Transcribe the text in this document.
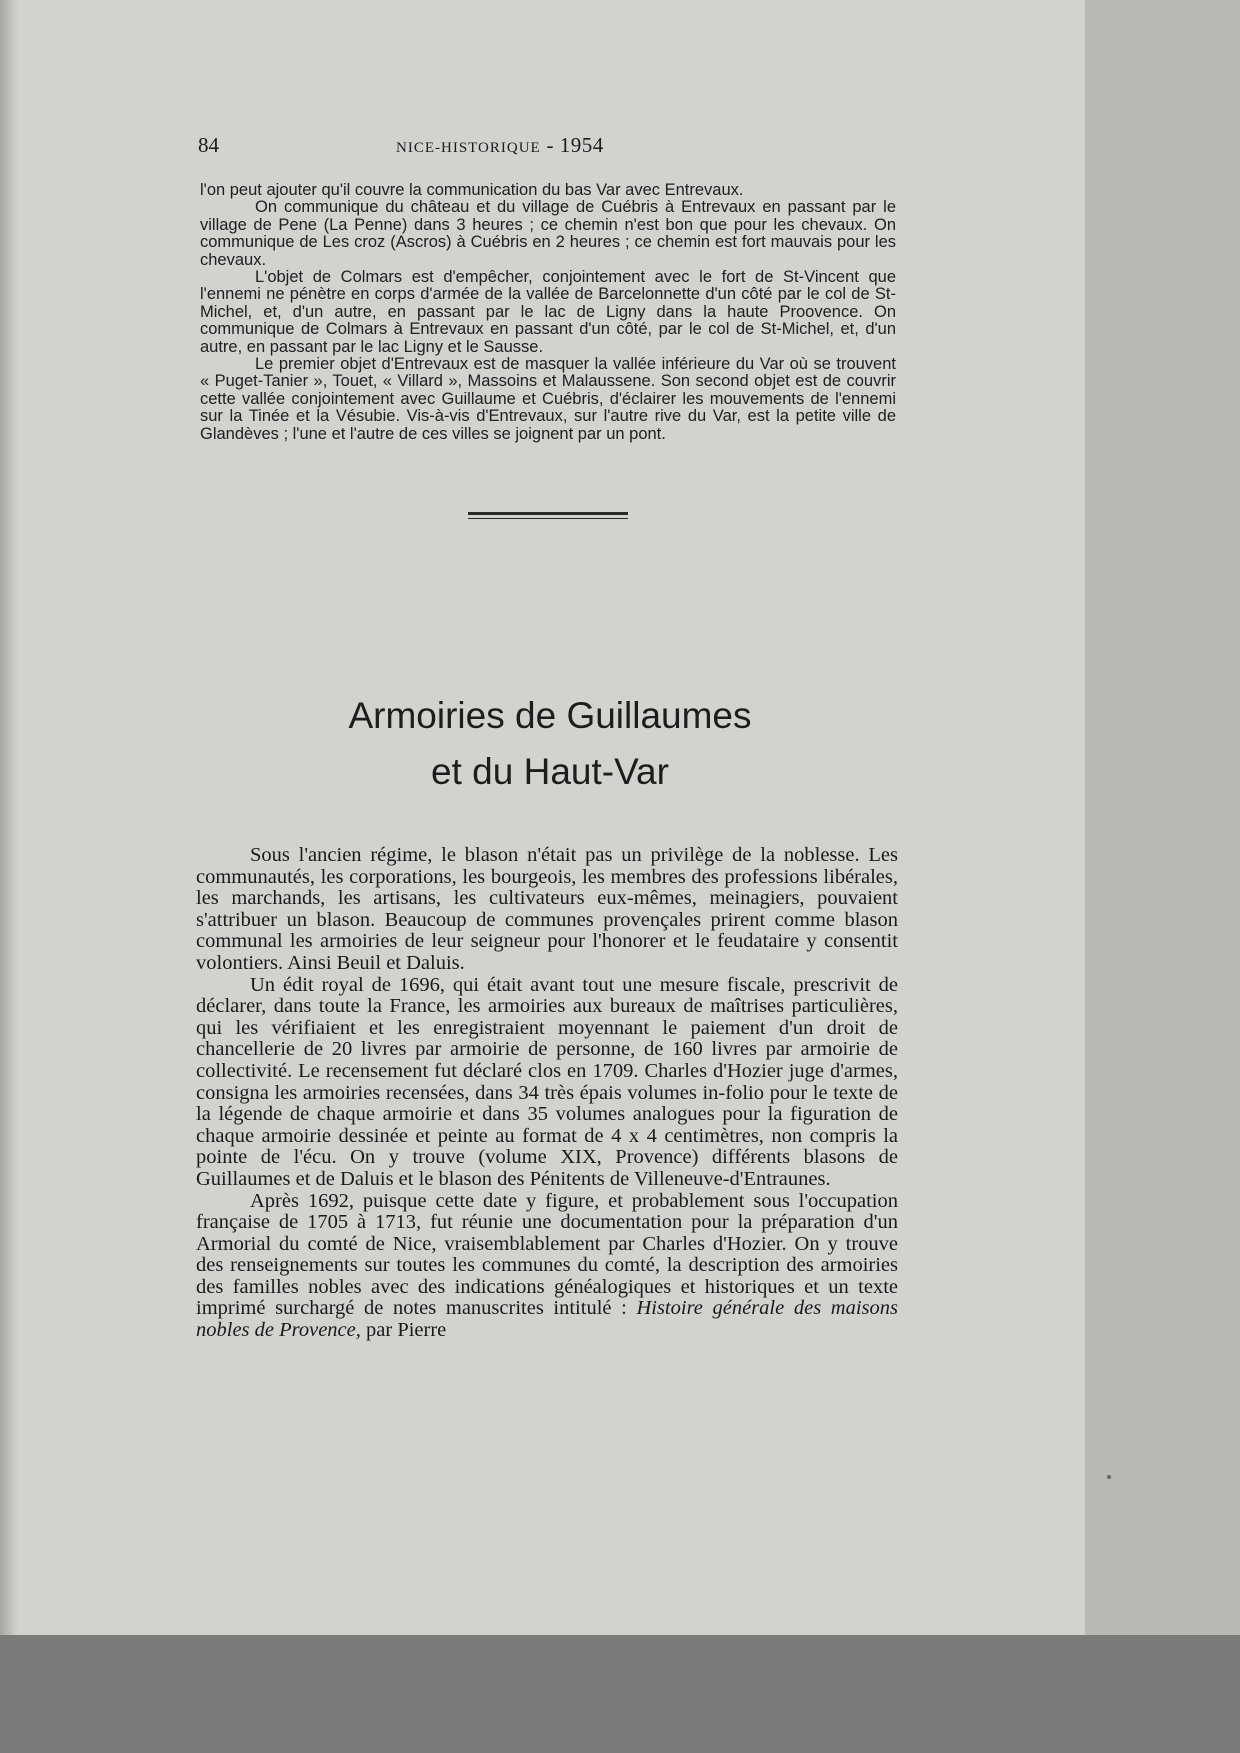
84	NICE-HISTORIQUE - 1954

l'on peut ajouter qu'il couvre la communication du bas Var avec Entrevaux.

On communique du château et du village de Cuébris à Entrevaux en passant par le village de Pene (La Penne) dans 3 heures ; ce chemin n'est bon que pour les chevaux. On communique de Les croz (Ascros) à Cuébris en 2 heures ; ce chemin est fort mauvais pour les chevaux.

L'objet de Colmars est d'empêcher, conjointement avec le fort de St-Vincent que l'ennemi ne pénètre en corps d'armée de la vallée de Barcelonnette d'un côté par le col de St-Michel, et, d'un autre, en passant par le lac de Ligny dans la haute Proovence. On communique de Colmars à Entrevaux en passant d'un côté, par le col de St-Michel, et, d'un autre, en passant par le lac Ligny et le Sausse.

Le premier objet d'Entrevaux est de masquer la vallée inférieure du Var où se trouvent « Puget-Tanier », Touet, « Villard », Massoins et Malaussene. Son second objet est de couvrir cette vallée conjointement avec Guillaume et Cuébris, d'éclairer les mouvements de l'ennemi sur la Tinée et la Vésubie. Vis-à-vis d'Entrevaux, sur l'autre rive du Var, est la petite ville de Glandèves ; l'une et l'autre de ces villes se joignent par un pont.

Armoiries de Guillaumes
et du Haut-Var

Sous l'ancien régime, le blason n'était pas un privilège de la noblesse. Les communautés, les corporations, les bourgeois, les membres des professions libérales, les marchands, les artisans, les cultivateurs eux-mêmes, meinagiers, pouvaient s'attribuer un blason. Beaucoup de communes provençales prirent comme blason communal les armoiries de leur seigneur pour l'honorer et le feudataire y consentit volontiers. Ainsi Beuil et Daluis.

Un édit royal de 1696, qui était avant tout une mesure fiscale, prescrivit de déclarer, dans toute la France, les armoiries aux bureaux de maîtrises particulières, qui les vérifiaient et les enregistraient moyennant le paiement d'un droit de chancellerie de 20 livres par armoirie de personne, de 160 livres par armoirie de collectivité. Le recensement fut déclaré clos en 1709. Charles d'Hozier juge d'armes, consigna les armoiries recensées, dans 34 très épais volumes in-folio pour le texte de la légende de chaque armoirie et dans 35 volumes analogues pour la figuration de chaque armoirie dessinée et peinte au format de 4 x 4 centimètres, non compris la pointe de l'écu. On y trouve (volume XIX, Provence) différents blasons de Guillaumes et de Daluis et le blason des Pénitents de Villeneuve-d'Entraunes.

Après 1692, puisque cette date y figure, et probablement sous l'occupation française de 1705 à 1713, fut réunie une documentation pour la préparation d'un Armorial du comté de Nice, vraisemblablement par Charles d'Hozier. On y trouve des renseignements sur toutes les communes du comté, la description des armoiries des familles nobles avec des indications généalogiques et historiques et un texte imprimé surchargé de notes manuscrites intitulé : Histoire générale des maisons nobles de Provence, par Pierre
